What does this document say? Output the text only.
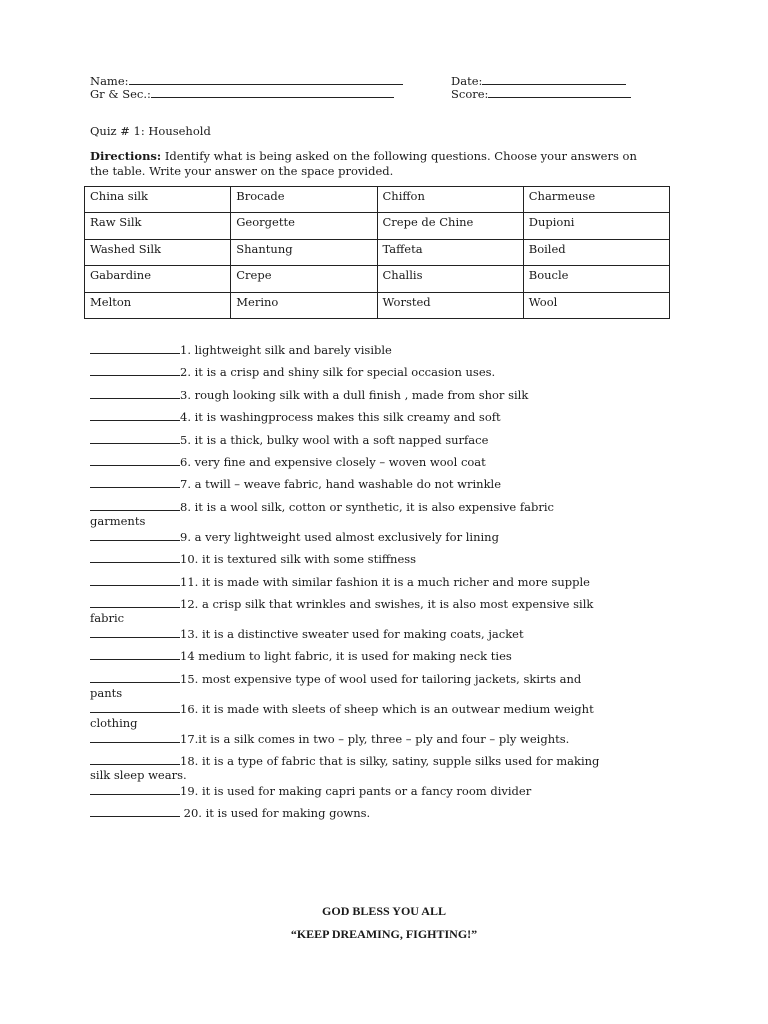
Name:	Date:
Gr & Sec.:	Score:
Quiz # 1: Household
Directions: Identify what is being asked on the following questions. Choose your answers on the table. Write your answer on the space provided.
China silk	Brocade	Chiffon	Charmeuse
Raw Silk	Georgette	Crepe de Chine	Dupioni
Washed Silk	Shantung	Taffeta	Boiled
Gabardine	Crepe	Challis	Boucle
Melton	Merino	Worsted	Wool
1. lightweight silk and barely visible
2. it is a crisp and shiny silk for special occasion uses.
3. rough looking silk with a dull finish , made from shor silk
4. it is washingprocess makes this silk creamy and soft
5. it is a thick, bulky wool with a soft napped surface
6. very fine and expensive closely – woven wool coat
7. a twill – weave fabric, hand washable do not wrinkle
8. it is a wool silk, cotton or synthetic, it is also expensive fabric
garments
9. a very lightweight used almost exclusively for lining
10. it is textured silk with some stiffness
11. it is made with similar fashion it is a much richer and more supple
12. a crisp silk that wrinkles and swishes, it is also most expensive silk
fabric
13. it is a distinctive sweater used for making coats, jacket
14 medium to light fabric, it is used for making neck ties
15. most expensive type of wool used for tailoring jackets, skirts and
pants
16. it is made with sleets of sheep which is an outwear medium weight
clothing
17.it is a silk comes in two – ply, three – ply and four – ply weights.
18. it is a type of fabric that is silky, satiny, supple silks used for making
silk sleep wears.
19. it is used for making capri pants or a fancy room divider
20. it is used for making gowns.
GOD BLESS YOU ALL
“KEEP DREAMING, FIGHTING!”
